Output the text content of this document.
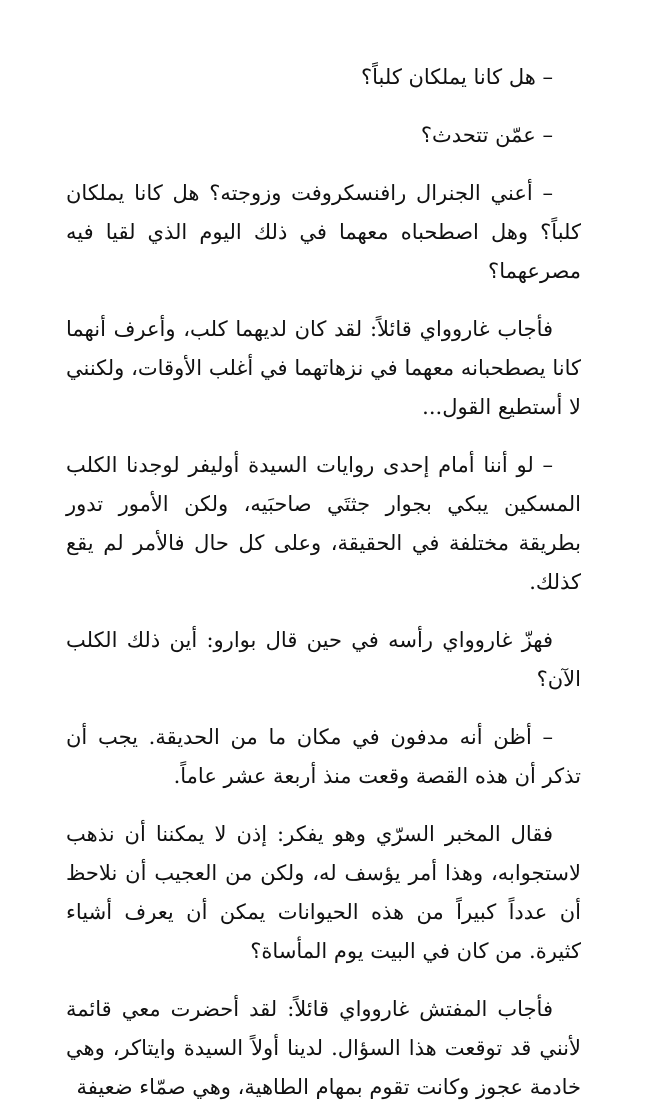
– هل كانا يملكان كلباً؟

– عمّن تتحدث؟

– أعني الجنرال رافنسكروفت وزوجته؟ هل كانا يملكان كلباً؟ وهل اصطحباه معهما في ذلك اليوم الذي لقيا فيه مصرعهما؟

فأجاب غاروواي قائلاً: لقد كان لديهما كلب، وأعرف أنهما كانا يصطحبانه معهما في نزهاتهما في أغلب الأوقات، ولكنني لا أستطيع القول...

– لو أننا أمام إحدى روايات السيدة أوليفر لوجدنا الكلب المسكين يبكي بجوار جثتَي صاحبَيه، ولكن الأمور تدور بطريقة مختلفة في الحقيقة، وعلى كل حال فالأمر لم يقع كذلك.

فهزّ غاروواي رأسه في حين قال بوارو: أين ذلك الكلب الآن؟

– أظن أنه مدفون في مكان ما من الحديقة. يجب أن تذكر أن هذه القصة وقعت منذ أربعة عشر عاماً.

فقال المخبر السرّي وهو يفكر: إذن لا يمكننا أن نذهب لاستجوابه، وهذا أمر يؤسف له، ولكن من العجيب أن نلاحظ أن عدداً كبيراً من هذه الحيوانات يمكن أن يعرف أشياء كثيرة. من كان في البيت يوم المأساة؟

فأجاب المفتش غاروواي قائلاً: لقد أحضرت معي قائمة لأنني قد توقعت هذا السؤال. لدينا أولاً السيدة وايتاكر، وهي خادمة عجوز وكانت تقوم بمهام الطاهية، وهي صمّاء ضعيفة
